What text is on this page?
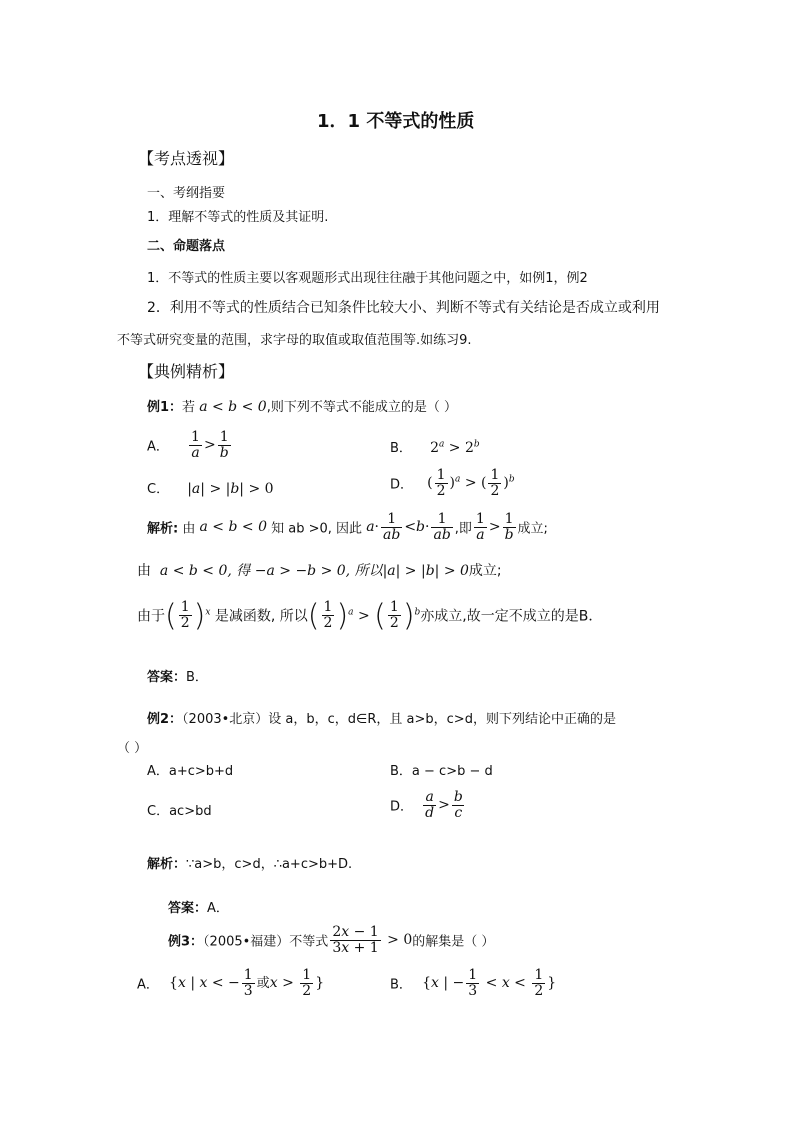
1．1 不等式的性质
【考点透视】
一、考纲指要
1．理解不等式的性质及其证明.
二、命题落点
1．不等式的性质主要以客观题形式出现往往融于其他问题之中，如例1，例2
2．利用不等式的性质结合已知条件比较大小、判断不等式有关结论是否成立或利用
不等式研究变量的范围，求字母的取值或取值范围等.如练习9.
【典例精析】
例1：若 a < b < 0,则下列不等式不能成立的是（ ）
A． $\frac{1}{a} > \frac{1}{b}$	B． $2^a > 2^b$
C． |a| > |b| > 0	D． ( $\frac{1}{2} )^a$ > ( $\frac{1}{2} )^b$
解析: 由 a < b < 0 知 ab >0, 因此 $a\cdot \frac{1}{ab} <b\cdot \frac{1}{ab}$ ,即 $\frac{1}{a} > \frac{1}{b}$ 成立;
由 a < b < 0, 得 −a > −b > 0, 所以|a| > |b| > 0成立;
由于( $\frac{1}{2} )^x$ 是减函数, 所以( $\frac{1}{2} )^a$ > ( $\frac{1}{2} )^b$亦成立,故一定不成立的是B．
答案：B．
例2：（2003•北京）设 a，b，c，d∈R，且 a>b，c>d，则下列结论中正确的是
（ ）
A．a+c>b+d	B．a − c>b − d
C．ac>bd	D． $\frac{a}{d} > \frac{b}{c}$
解析：∵a>b，c>d，∴a+c>b+D.
答案：A．
例3：（2005•福建）不等式 $\frac{2x - 1}{3x + 1} > 0$的解集是（ ）
A． {x | x < − $\frac{1}{3}$ 或$x > \frac{1}{2}$ }	B． {x | − $\frac{1}{3} < x < \frac{1}{2}$ }
